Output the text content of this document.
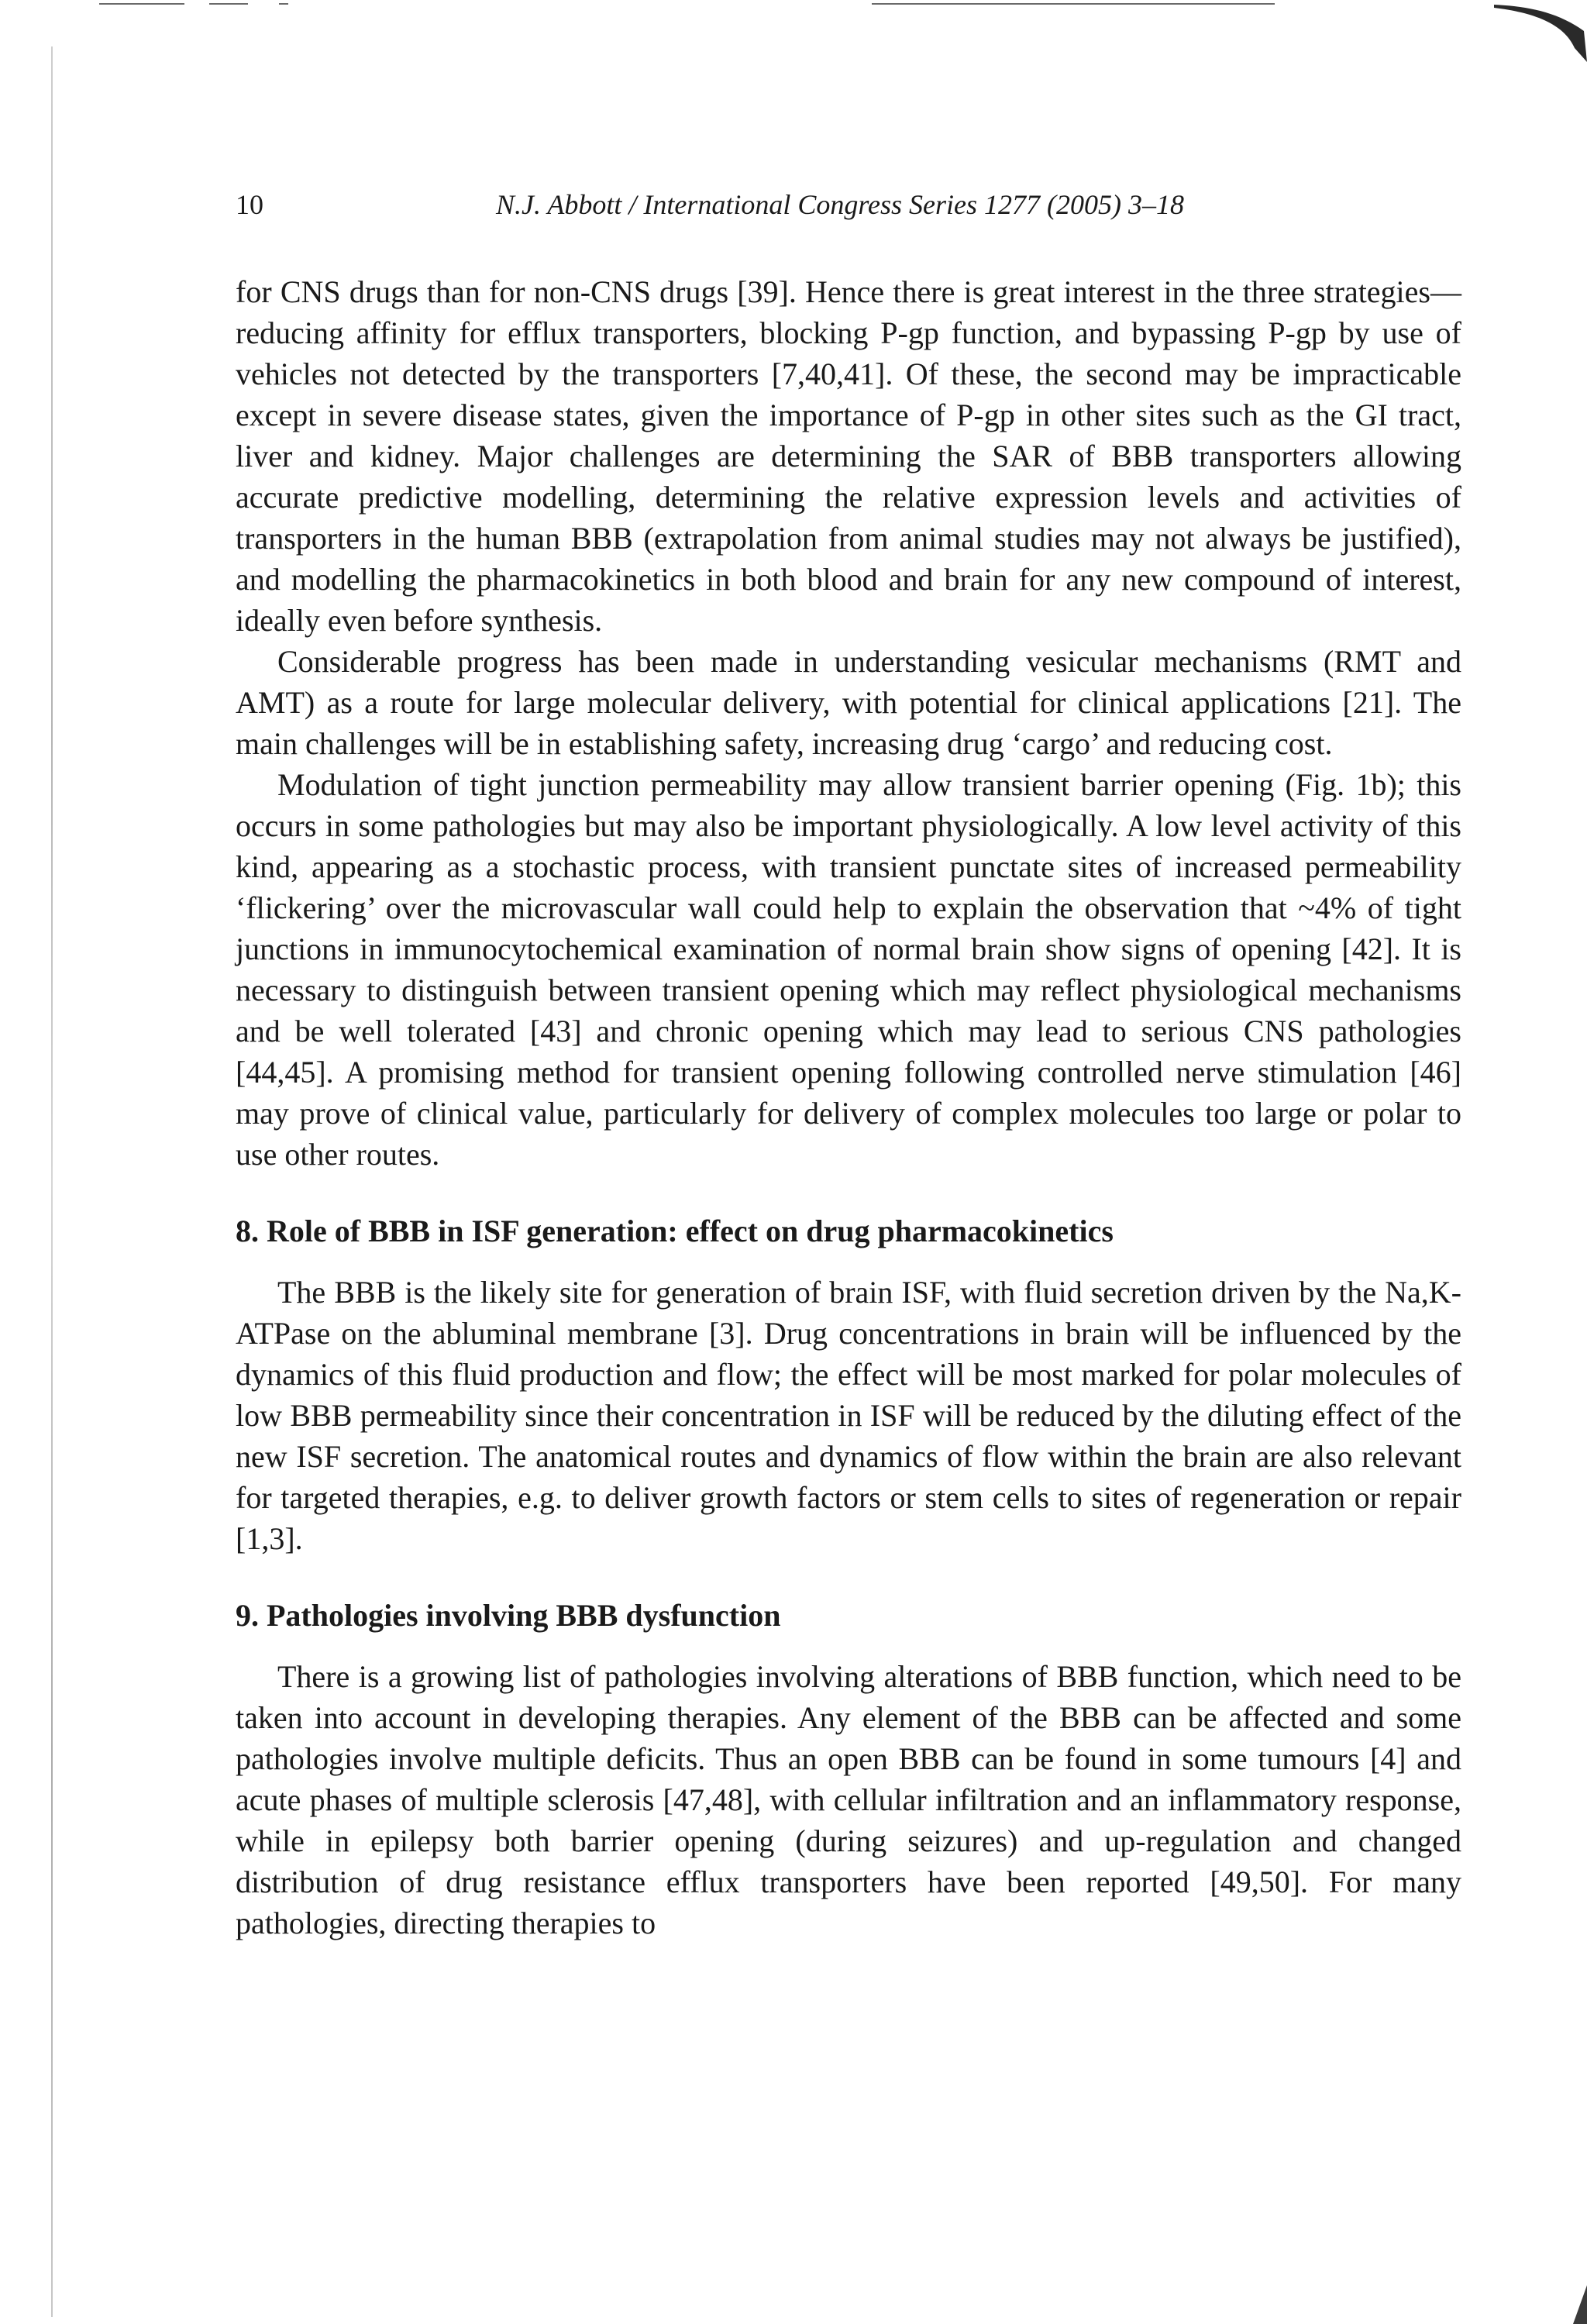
10	N.J. Abbott / International Congress Series 1277 (2005) 3–18

for CNS drugs than for non-CNS drugs [39]. Hence there is great interest in the three strategies—reducing affinity for efflux transporters, blocking P-gp function, and bypassing P-gp by use of vehicles not detected by the transporters [7,40,41]. Of these, the second may be impracticable except in severe disease states, given the importance of P-gp in other sites such as the GI tract, liver and kidney. Major challenges are determining the SAR of BBB transporters allowing accurate predictive modelling, determining the relative expression levels and activities of transporters in the human BBB (extrapolation from animal studies may not always be justified), and modelling the pharmacokinetics in both blood and brain for any new compound of interest, ideally even before synthesis.

Considerable progress has been made in understanding vesicular mechanisms (RMT and AMT) as a route for large molecular delivery, with potential for clinical applications [21]. The main challenges will be in establishing safety, increasing drug ‘cargo’ and reducing cost.

Modulation of tight junction permeability may allow transient barrier opening (Fig. 1b); this occurs in some pathologies but may also be important physiologically. A low level activity of this kind, appearing as a stochastic process, with transient punctate sites of increased permeability ‘flickering’ over the microvascular wall could help to explain the observation that ~4% of tight junctions in immunocytochemical examination of normal brain show signs of opening [42]. It is necessary to distinguish between transient opening which may reflect physiological mechanisms and be well tolerated [43] and chronic opening which may lead to serious CNS pathologies [44,45]. A promising method for transient opening following controlled nerve stimulation [46] may prove of clinical value, particularly for delivery of complex molecules too large or polar to use other routes.

8. Role of BBB in ISF generation: effect on drug pharmacokinetics

The BBB is the likely site for generation of brain ISF, with fluid secretion driven by the Na,K-ATPase on the abluminal membrane [3]. Drug concentrations in brain will be influenced by the dynamics of this fluid production and flow; the effect will be most marked for polar molecules of low BBB permeability since their concentration in ISF will be reduced by the diluting effect of the new ISF secretion. The anatomical routes and dynamics of flow within the brain are also relevant for targeted therapies, e.g. to deliver growth factors or stem cells to sites of regeneration or repair [1,3].

9. Pathologies involving BBB dysfunction

There is a growing list of pathologies involving alterations of BBB function, which need to be taken into account in developing therapies. Any element of the BBB can be affected and some pathologies involve multiple deficits. Thus an open BBB can be found in some tumours [4] and acute phases of multiple sclerosis [47,48], with cellular infiltration and an inflammatory response, while in epilepsy both barrier opening (during seizures) and up-regulation and changed distribution of drug resistance efflux transporters have been reported [49,50]. For many pathologies, directing therapies to
